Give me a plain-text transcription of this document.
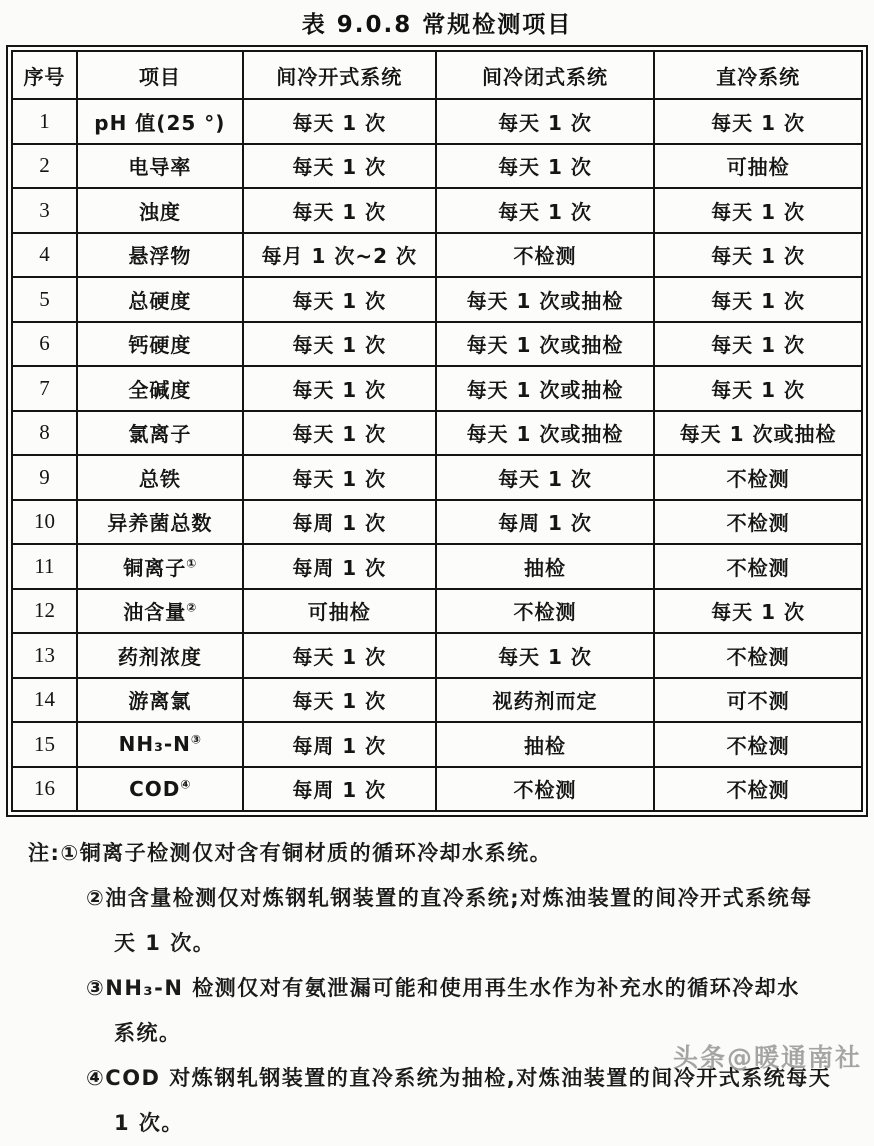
表 9.0.8 常规检测项目
序号	项目	间冷开式系统	间冷闭式系统	直冷系统
1	pH 值(25 °)	每天 1 次	每天 1 次	每天 1 次
2	电导率	每天 1 次	每天 1 次	可抽检
3	浊度	每天 1 次	每天 1 次	每天 1 次
4	悬浮物	每月 1 次~2 次	不检测	每天 1 次
5	总硬度	每天 1 次	每天 1 次或抽检	每天 1 次
6	钙硬度	每天 1 次	每天 1 次或抽检	每天 1 次
7	全碱度	每天 1 次	每天 1 次或抽检	每天 1 次
8	氯离子	每天 1 次	每天 1 次或抽检	每天 1 次或抽检
9	总铁	每天 1 次	每天 1 次	不检测
10	异养菌总数	每周 1 次	每周 1 次	不检测
11	铜离子①	每周 1 次	抽检	不检测
12	油含量②	可抽检	不检测	每天 1 次
13	药剂浓度	每天 1 次	每天 1 次	不检测
14	游离氯	每天 1 次	视药剂而定	可不测
15	NH₃-N③	每周 1 次	抽检	不检测
16	COD④	每周 1 次	不检测	不检测
注:①铜离子检测仅对含有铜材质的循环冷却水系统。
②油含量检测仅对炼钢轧钢装置的直冷系统;对炼油装置的间冷开式系统每
天 1 次。
③NH₃-N 检测仅对有氨泄漏可能和使用再生水作为补充水的循环冷却水
系统。
④COD 对炼钢轧钢装置的直冷系统为抽检,对炼油装置的间冷开式系统每天
1 次。
头条@暖通南社
